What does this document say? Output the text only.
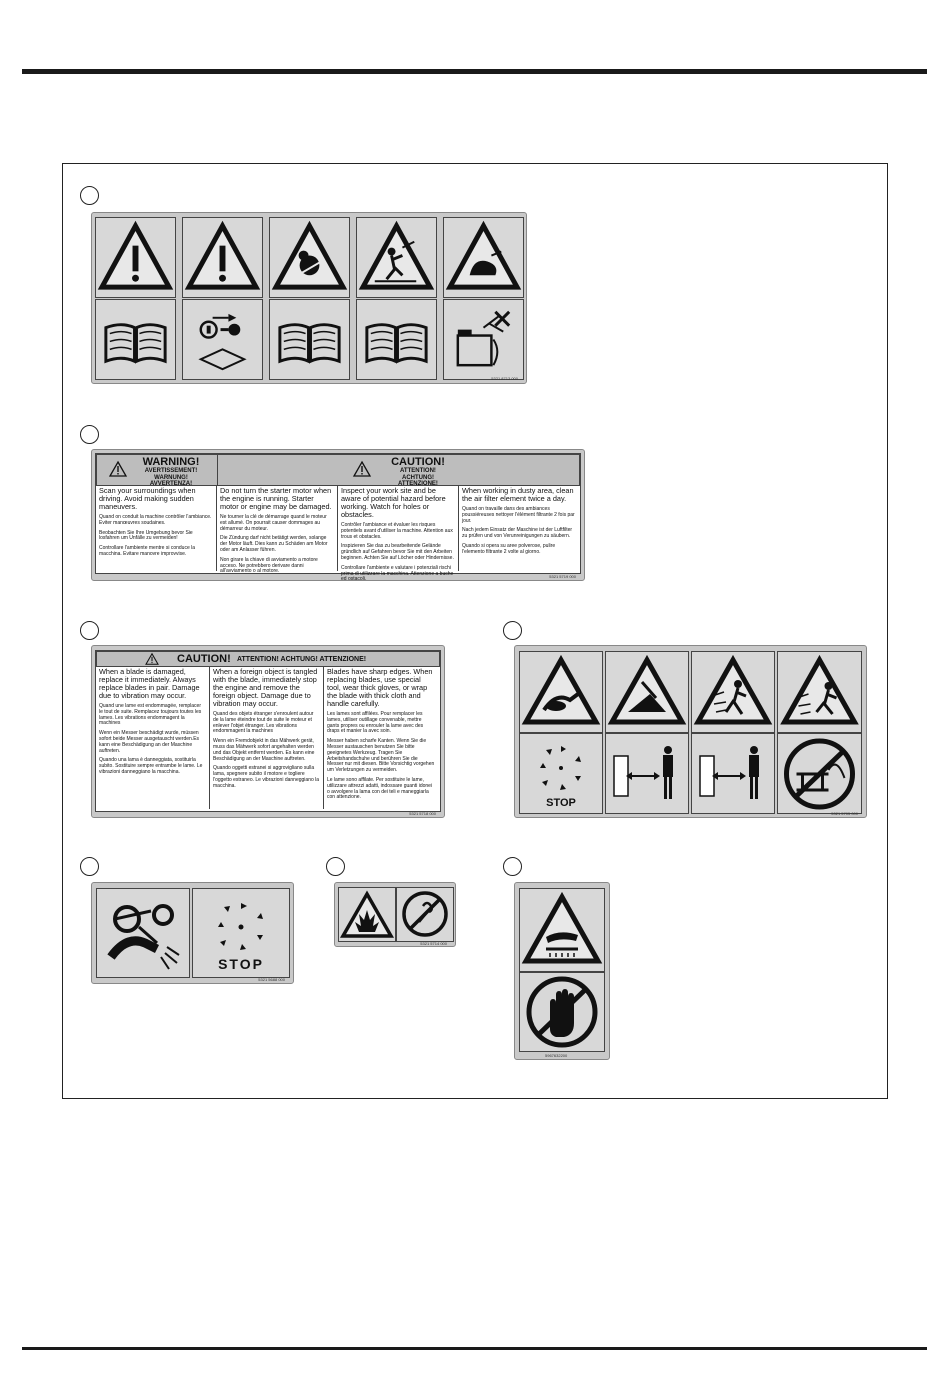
5321 8713 000
WARNING!
AVERTISSEMENT!
WARNUNG!
AVVERTENZA!
CAUTION!
ATTENTION!
ACHTUNG!
ATTENZIONE!
Scan your surroundings when driving. Avoid making sudden maneuvers.
Quand on conduit la machine contrôler l'ambiance. Eviter manœuvres soudaines.
Beobachten Sie Ihre Umgebung bevor Sie losfahren um Unfälle zu vermeiden!
Controllare l'ambiente mentre si conduce la macchina. Evitare manovre improvvise.
Do not turn the starter motor when the engine is running. Starter motor or engine may be damaged.
Ne tourner la clé de démarrage quand le moteur est allumé. On pourrait causer dommages au démarreur du moteur.
Die Zündung darf nicht betätigt werden, solange der Motor läuft. Dies kann zu Schäden am Motor oder am Anlasser führen.
Non girare la chiave di avviamento a motore acceso. Ne potrebbero derivare danni all'avviamento o al motore.
Inspect your work site and be aware of potential hazard before working. Watch for holes or obstacles.
Contrôler l'ambiance et évaluer les risques potentiels avant d'utiliser la machine. Attention aux trous et obstacles.
Inspizieren Sie das zu bearbeitende Gelände gründlich auf Gefahren bevor Sie mit den Arbeiten beginnen. Achten Sie auf Löcher oder Hindernisse.
Controllare l'ambiente e valutare i potenziali rischi prima di utilizzare la macchina. Attenzione a buche ed ostacoli.
When working in dusty area, clean the air filter element twice a day.
Quand on travaille dans des ambiances poussiéreuses nettoyer l'élément filtrante 2 fois par jour.
Nach jedem Einsatz der Maschine ist der Luftfilter zu prüfen und von Verunreinigungen zu säubern.
Quando si opera su aree polverose, pulire l'elemento filtrante 2 volte al giorno.
5321 5719 000
CAUTION! ATTENTION! ACHTUNG! ATTENZIONE!
When a blade is damaged, replace it immediately. Always replace blades in pair. Damage due to vibration may occur.
Quand une lame est endommagée, remplacer le tout de suite. Remplacez toujours toutes les lames. Les vibrations endommagent la machines
Wenn ein Messer beschädigt wurde, müssen sofort beide Messer ausgetauscht werden.Es kann eine Beschädigung an der Maschine auftreten.
Quando una lama è danneggiata, sostituirla subito. Sostituire sempre entrambe le lame. Le vibrazioni danneggiano la macchina.
When a foreign object is tangled with the blade, immediately stop the engine and remove the foreign object. Damage due to vibration may occur.
Quand des objets étranger s'enroulent autour de la lame éteindre tout de suite le moteur et enlever l'objet étranger. Les vibrations endommagent la machines
Wenn ein Fremdobjekt in das Mähwerk gerät, muss das Mähwerk sofort angehalten werden und das Objekt entfernt werden. Es kann eine Beschädigung an der Maschine auftreten.
Quando oggetti estranei si aggrovigliano sulla lama, spegnere subito il motore e togliere l'oggetto estraneo. Le vibrazioni danneggiano la macchina.
Blades have sharp edges. When replacing blades, use special tool, wear thick gloves, or wrap the blade with thick cloth and handle carefully.
Les lames sont affilées. Pour remplacer les lames, utiliser outillage convenable, mettre gants propres ou enrouler la lame avec des draps et manier la avec soin.
Messer haben scharfe Kanten. Wenn Sie die Messer austauschen benutzen Sie bitte geeignetes Werkzeug. Tragen Sie Arbeitshandschuhe und berühren Sie die Messer nur mit diesen. Bitte Vorsichtig vorgehen um Verletzungen zu vermeiden.
Le lame sono affilate. Per sostituire le lame, utilizzare attrezzi adatti, indossare guanti idonei o avvolgere la lama con dei teli e maneggiarla con attenzione.
5321 5718 000
STOP
5321 5705 000
STOP
5321 5688 000
5321 5714 000
5967632200
